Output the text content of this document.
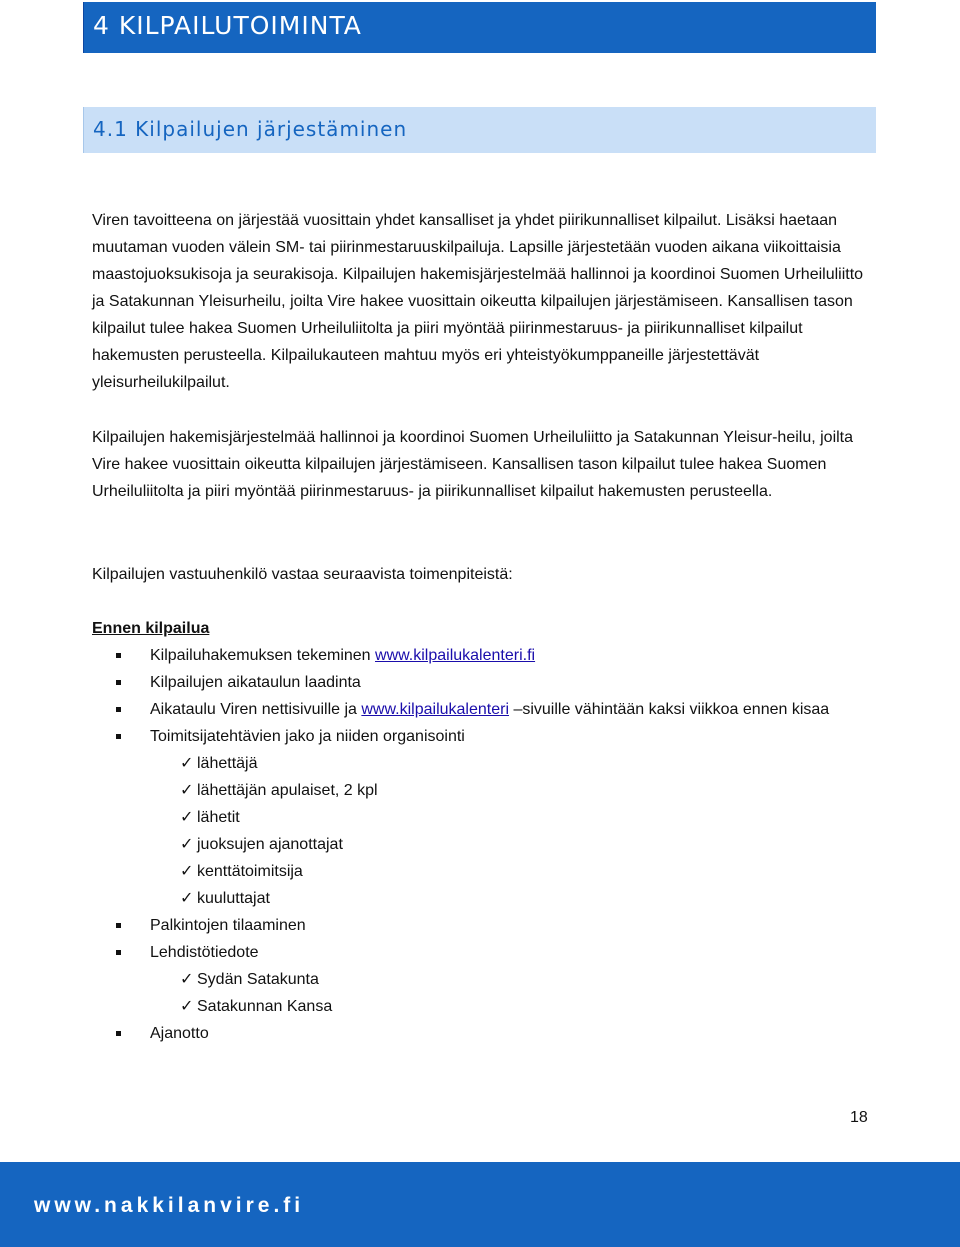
4 KILPAILUTOIMINTA
4.1 Kilpailujen järjestäminen

Viren tavoitteena on järjestää vuosittain yhdet kansalliset ja yhdet piirikunnalliset kilpailut. Lisäksi haetaan muutaman vuoden välein SM- tai piirinmestaruuskilpailuja. Lapsille järjestetään vuoden aikana viikoittaisia maastojuoksukisoja ja seurakisoja. Kilpailujen hakemisjärjestelmää hallinnoi ja koordinoi Suomen Urheiluliitto ja Satakunnan Yleisurheilu, joilta Vire hakee vuosittain oikeutta kilpailujen järjestämiseen. Kansallisen tason kilpailut tulee hakea Suomen Urheiluliitolta ja piiri myöntää piirinmestaruus- ja piirikunnalliset kilpailut hakemusten perusteella. Kilpailukauteen mahtuu myös eri yhteistyökumppaneille järjestettävät yleisurheilukilpailut.

Kilpailujen hakemisjärjestelmää hallinnoi ja koordinoi Suomen Urheiluliitto ja Satakunnan Yleisur-heilu, joilta Vire hakee vuosittain oikeutta kilpailujen järjestämiseen. Kansallisen tason kilpailut tulee hakea Suomen Urheiluliitolta ja piiri myöntää piirinmestaruus- ja piirikunnalliset kilpailut hakemusten perusteella.

Kilpailujen vastuuhenkilö vastaa seuraavista toimenpiteistä:

Ennen kilpailua
Kilpailuhakemuksen tekeminen www.kilpailukalenteri.fi
Kilpailujen aikataulun laadinta
Aikataulu Viren nettisivuille ja www.kilpailukalenteri –sivuille vähintään kaksi viikkoa ennen kisaa
Toimitsijatehtävien jako ja niiden organisointi
✓ lähettäjä
✓ lähettäjän apulaiset, 2 kpl
✓ lähetit
✓ juoksujen ajanottajat
✓ kenttätoimitsija
✓ kuuluttajat
Palkintojen tilaaminen
Lehdistötiedote
✓ Sydän Satakunta
✓ Satakunnan Kansa
Ajanotto
18
www.nakkilanvire.fi
